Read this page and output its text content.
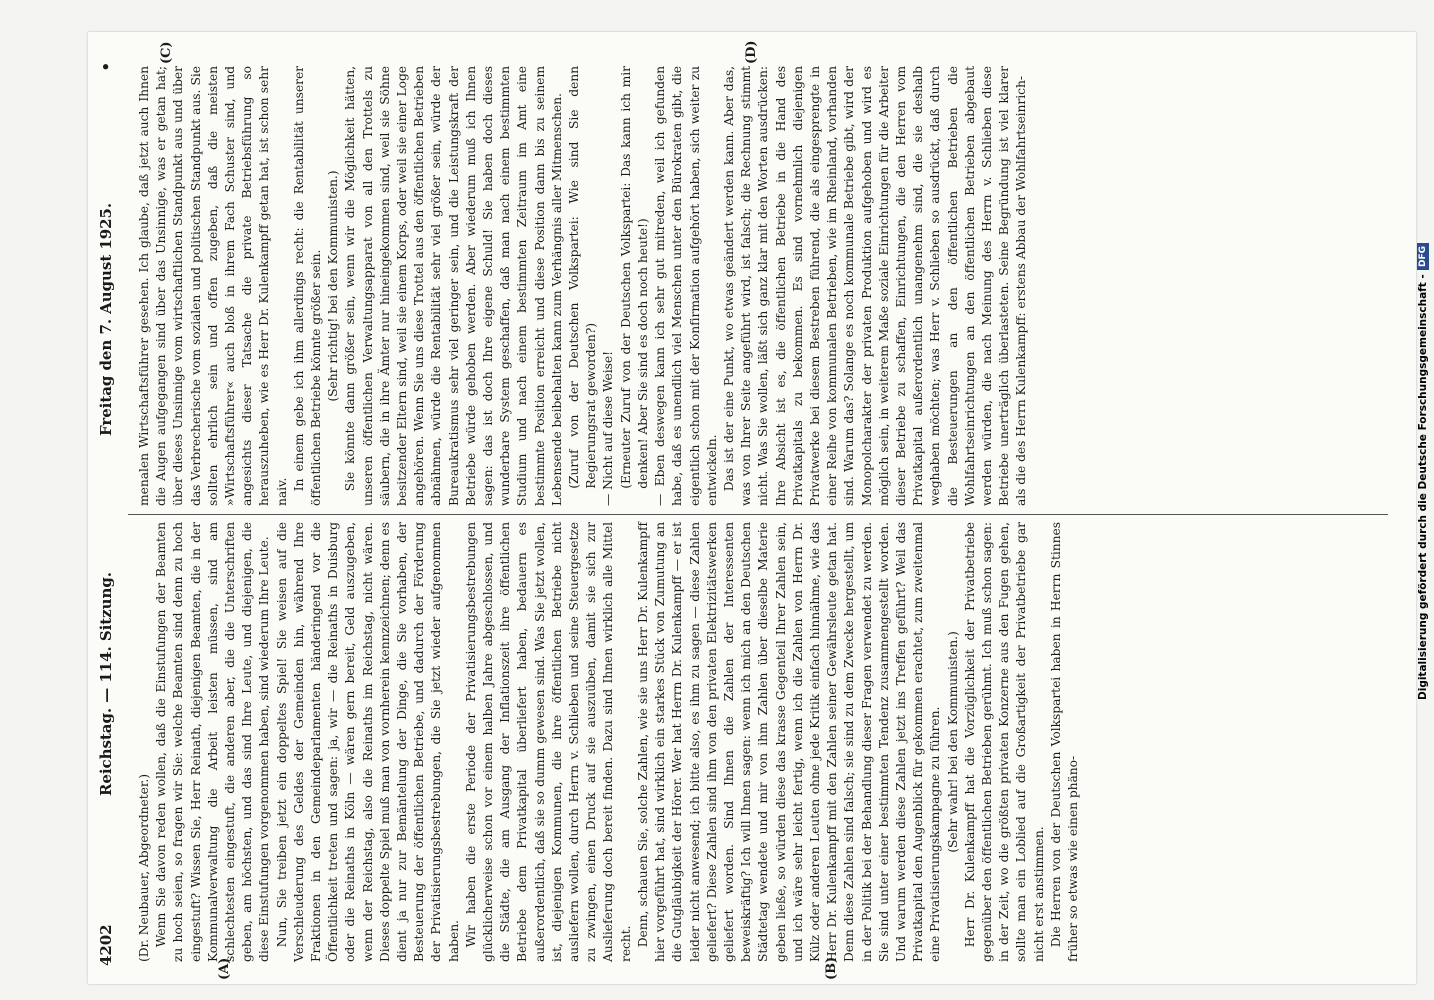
4202
Reichstag. — 114. Sitzung.
Freitag den 7. August 1925.
•
(A)	(B)
(C)	(D)

(Dr. Neubauer, Abgeordneter.) Wenn Sie davon reden wollen, daß die Einstufungen der Beamten zu hoch seien, so fragen wir Sie: welche Beamten sind denn zu hoch eingestuft? Wissen Sie, Herr Reinath, diejenigen Beamten, die in der Kommunalverwaltung die Arbeit leisten müssen, sind am schlechtesten eingestuft, die anderen aber, die die Unterschriften geben, am höchsten, und das sind Ihre Leute, und diejenigen, die diese Einstufungen vorgenommen haben, sind wiederum Ihre Leute. Nun, Sie treiben jetzt ein doppeltes Spiel! Sie weisen auf die Verschleuderung des Geldes der Gemeinden hin, während Ihre Fraktionen in den Gemeindeparlamenten händeringend vor die Öffentlichkeit treten und sagen: ja, wir — die Reinaths in Duisburg oder die Reinaths in Köln — wären gern bereit, Geld auszugeben, wenn der Reichstag, also die Reinaths im Reichstag, nicht wären. Dieses doppelte Spiel muß man von vornherein kennzeichnen; denn es dient ja nur zur Bemäntelung der Dinge, die Sie vorhaben, der Besteuerung der öffentlichen Betriebe, und dadurch der Förderung der Privatisierungsbestrebungen, die Sie jetzt wieder aufgenommen haben. Wir haben die erste Periode der Privatisierungsbestrebungen glücklicherweise schon vor einem halben Jahre abgeschlossen, und die Städte, die am Ausgang der Inflationszeit ihre öffentlichen Betriebe dem Privatkapital überliefert haben, bedauern es außerordentlich, daß sie so dumm gewesen sind. Was Sie jetzt wollen, ist, diejenigen Kommunen, die ihre öffentlichen Betriebe nicht ausliefern wollen, durch Herrn v. Schlieben und seine Steuergesetze zu zwingen, einen Druck auf sie auszuüben, damit sie sich zur Auslieferung doch bereit finden. Dazu sind Ihnen wirklich alle Mittel recht. Denn, schauen Sie, solche Zahlen, wie sie uns Herr Dr. Kulenkampff hier vorgeführt hat, sind wirklich ein starkes Stück von Zumutung an die Gutgläubigkeit der Hörer. Wer hat Herrn Dr. Kulenkampff — er ist leider nicht anwesend; ich bitte also, es ihm zu sagen — diese Zahlen geliefert? Diese Zahlen sind ihm von den privaten Elektrizitätswerken geliefert worden. Sind Ihnen die Zahlen der Interessenten beweiskräftig? Ich will Ihnen sagen: wenn ich mich an den Deutschen Städtetag wendete und mir von ihm Zahlen über dieselbe Materie geben ließe, so würden diese das krasse Gegenteil Ihrer Zahlen sein, und ich wäre sehr leicht fertig, wenn ich die Zahlen von Herrn Dr. Külz oder anderen Leuten ohne jede Kritik einfach hinnähme, wie das Herr Dr. Kulenkampff mit den Zahlen seiner Gewährsleute getan hat. Denn diese Zahlen sind falsch; sie sind zu dem Zwecke hergestellt, um in der Politik bei der Behandlung dieser Fragen verwendet zu werden. Sie sind unter einer bestimmten Tendenz zusammengestellt worden. Und warum werden diese Zahlen jetzt ins Treffen geführt? Weil das Privatkapital den Augenblick für gekommen erachtet, zum zweitenmal eine Privatisierungskampagne zu führen. (Sehr wahr! bei den Kommunisten.) Herr Dr. Kulenkampff hat die Vorzüglichkeit der Privatbetriebe gegenüber den öffentlichen Betrieben gerühmt. Ich muß schon sagen: in der Zeit, wo die größten privaten Konzerne aus den Fugen gehen, sollte man ein Loblied auf die Großartigkeit der Privatbetriebe gar nicht erst anstimmen. Die Herren von der Deutschen Volkspartei haben in Herrn Stinnes früher so etwas wie einen phäno-

menalen Wirtschaftsführer gesehen. Ich glaube, daß jetzt auch Ihnen die Augen aufgegangen sind über das Unsinnige, was er getan hat; über dieses Unsinnige vom wirtschaftlichen Standpunkt aus und über das Verbrecherische vom sozialen und politischen Standpunkt aus. Sie sollten ehrlich sein und offen zugeben, daß die meisten »Wirtschaftsführer« auch bloß in ihrem Fach Schuster sind, und angesichts dieser Tatsache die private Betriebsführung so herauszuheben, wie es Herr Dr. Kulenkampff getan hat, ist schon sehr naiv.

In einem gebe ich ihm allerdings recht: die Rentabilität unserer öffentlichen Betriebe könnte größer sein. (Sehr richtig! bei den Kommunisten.) Sie könnte dann größer sein, wenn wir die Möglichkeit hätten, unseren öffentlichen Verwaltungsapparat von all den Trottels zu säubern, die in ihre Ämter nur hineingekommen sind, weil sie Söhne besitzender Eltern sind, weil sie einem Korps, oder weil sie einer Loge angehören. Wenn Sie uns diese Trottel aus den öffentlichen Betrieben abnähmen, würde die Rentabilität sehr viel größer sein, würde der Bureaukratismus sehr viel geringer sein, und die Leistungskraft der Betriebe würde gehoben werden. Aber wiederum muß ich Ihnen sagen: das ist doch Ihre eigene Schuld! Sie haben doch dieses wunderbare System geschaffen, daß man nach einem bestimmten Studium und nach einem bestimmten Zeitraum im Amt eine bestimmte Position erreicht und diese Position dann bis zu seinem Lebensende beibehalten kann zum Verhängnis aller Mitmenschen. (Zuruf von der Deutschen Volkspartei: Wie sind Sie denn Regierungsrat geworden?) — Nicht auf diese Weise! (Erneuter Zuruf von der Deutschen Volkspartei: Das kann ich mir denken! Aber Sie sind es doch noch heute!) — Eben deswegen kann ich sehr gut mitreden, weil ich gefunden habe, daß es unendlich viel Menschen unter den Bürokraten gibt, die eigentlich schon mit der Konfirmation aufgehört haben, sich weiter zu entwickeln. Das ist der eine Punkt, wo etwas geändert werden kann. Aber das, was von Ihrer Seite angeführt wird, ist falsch; die Rechnung stimmt nicht. Was Sie wollen, läßt sich ganz klar mit den Worten ausdrücken: Ihre Absicht ist es, die öffentlichen Betriebe in die Hand des Privatkapitals zu bekommen. Es sind vornehmlich diejenigen Privatwerke bei diesem Bestreben führend, die als eingesprengte in einer Reihe von kommunalen Betrieben, wie im Rheinland, vorhanden sind. Warum das? Solange es noch kommunale Betriebe gibt, wird der Monopolcharakter der privaten Produktion aufgehoben und wird es möglich sein, in weiterem Maße soziale Einrichtungen für die Arbeiter dieser Betriebe zu schaffen, Einrichtungen, die den Herren vom Privatkapital außerordentlich unangenehm sind, die sie deshalb weghaben möchten; was Herr v. Schlieben so ausdrückt, daß durch die Besteuerungen an den öffentlichen Betrieben die Wohlfahrtseinrichtungen an den öffentlichen Betrieben abgebaut werden würden, die nach Meinung des Herrn v. Schlieben diese Betriebe unerträglich überlasteten. Seine Begründung ist viel klarer als die des Herrn Kulenkampff: erstens Abbau der Wohlfahrtseinrich-	Digitalisierung gefördert durch die Deutsche Forschungsgemeinschaft -
DFG
